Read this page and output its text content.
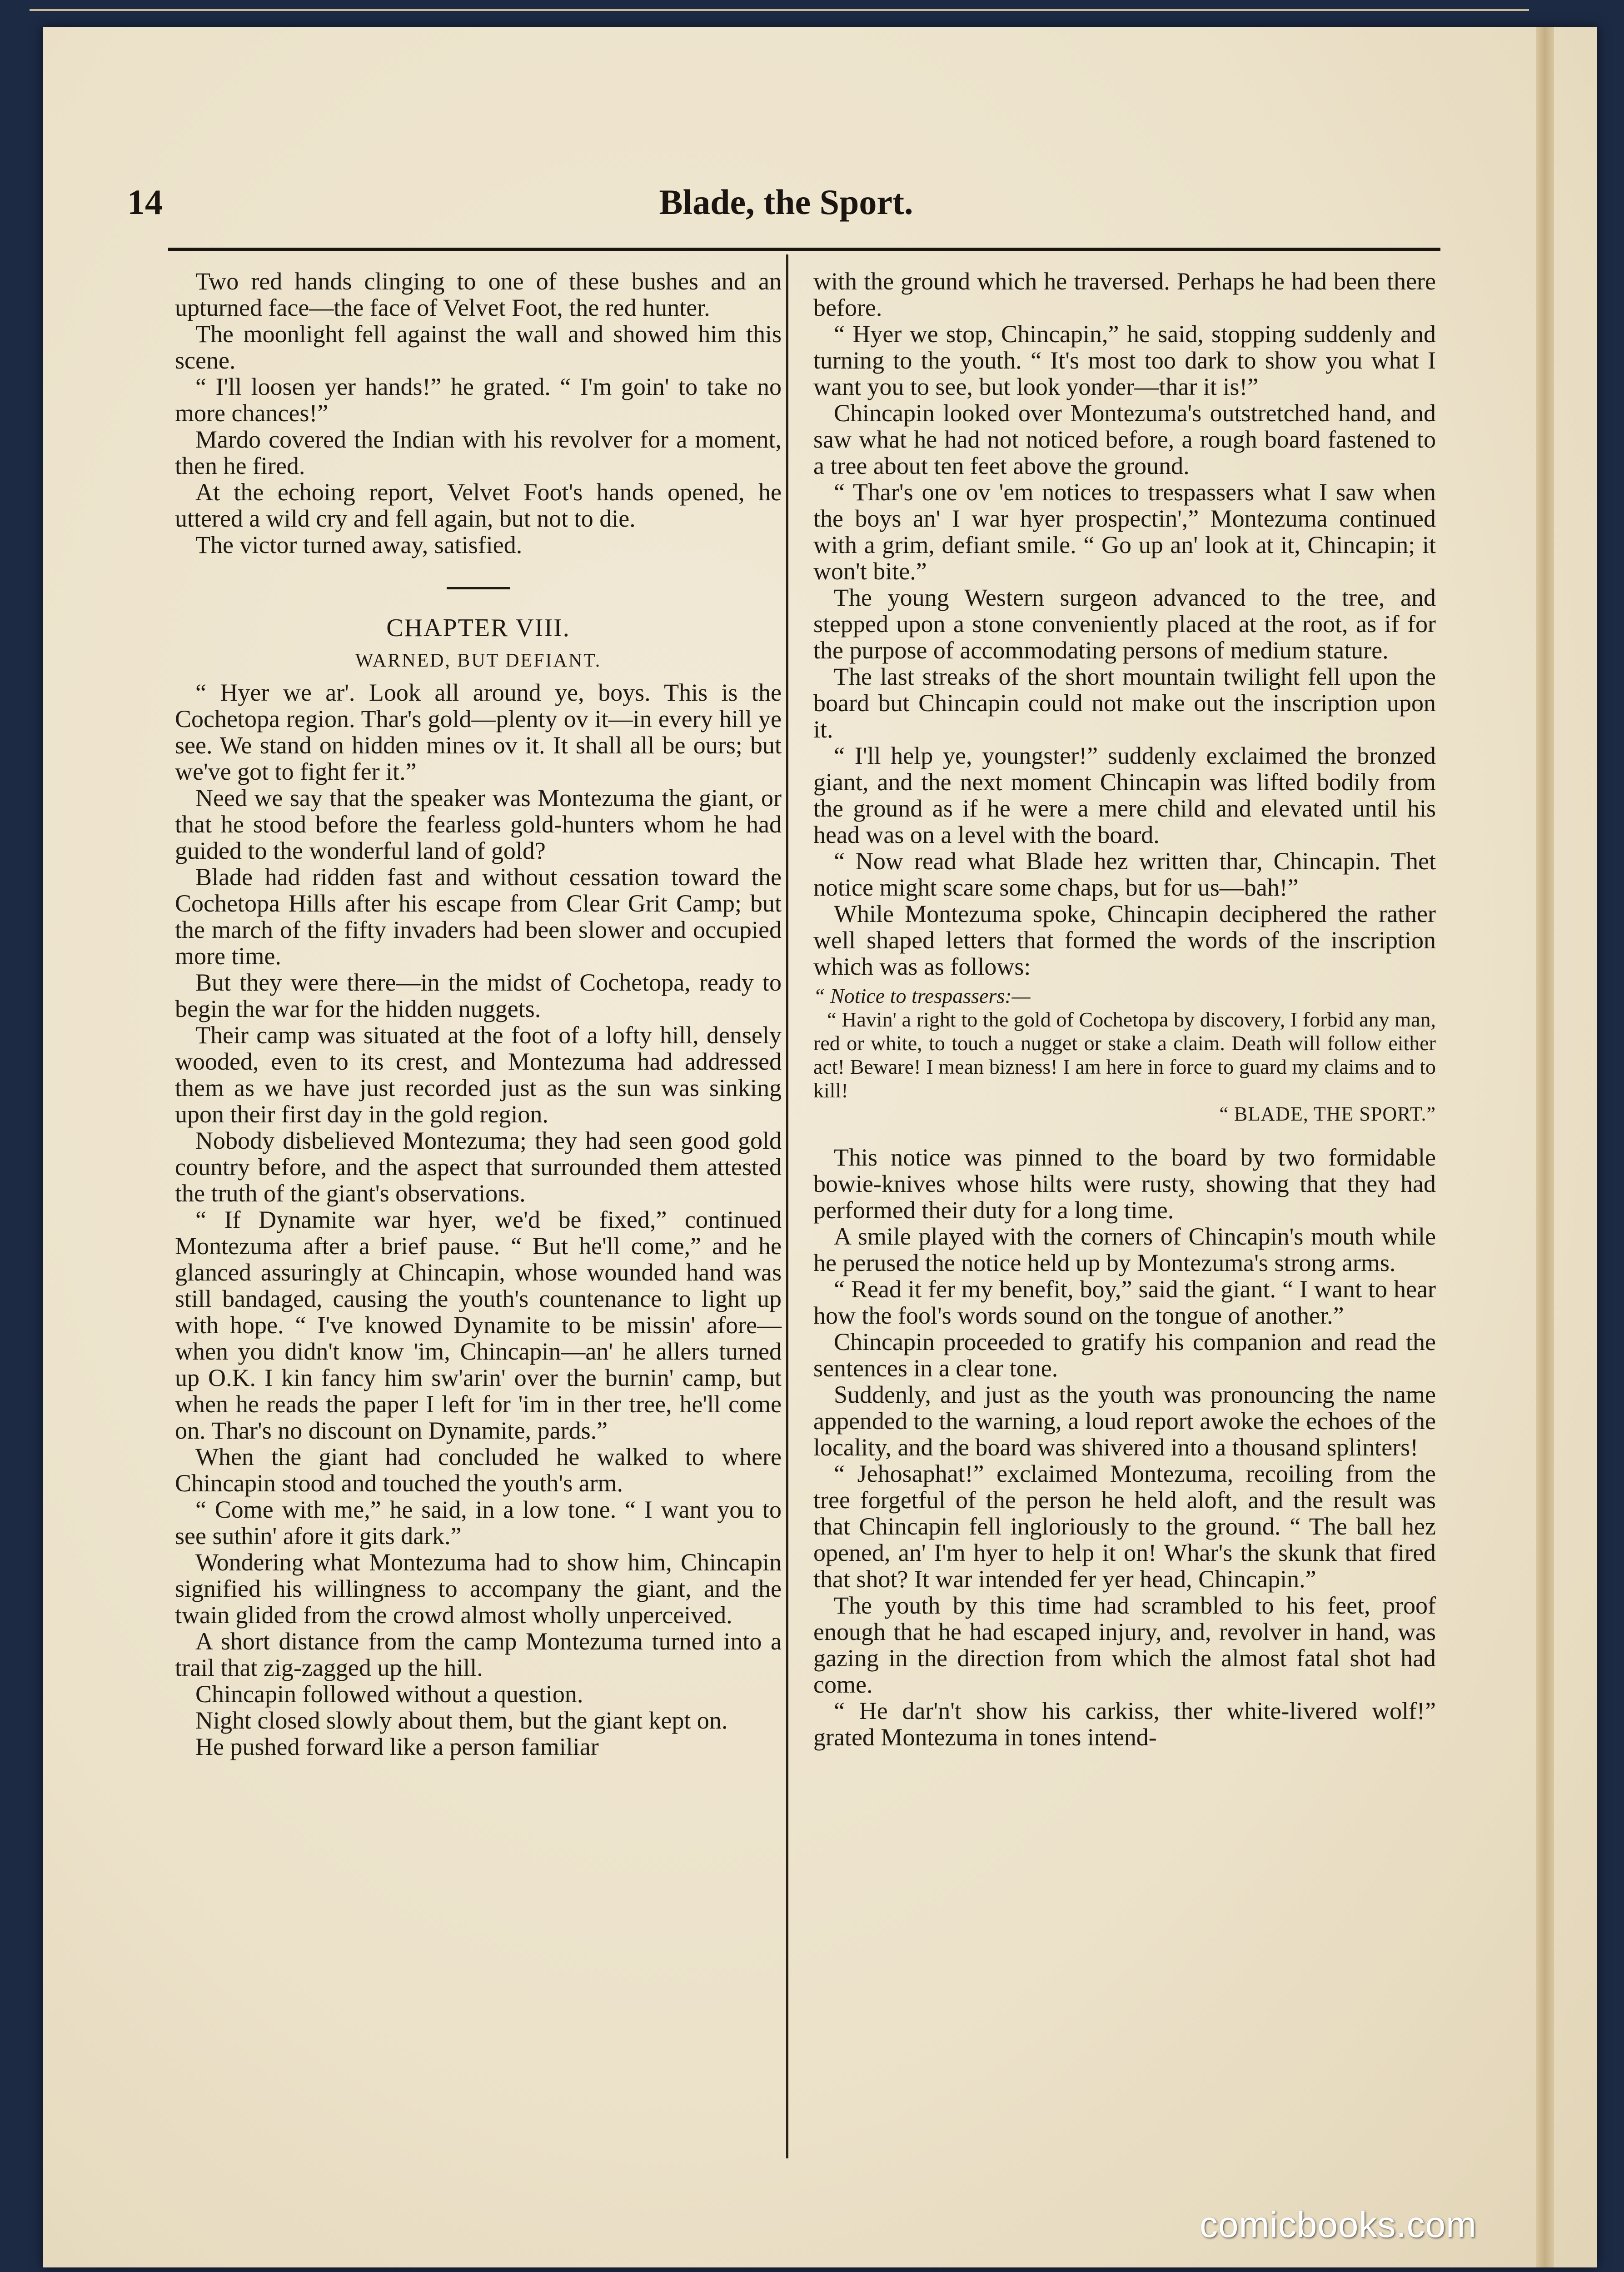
14	Blade, the Sport.

Two red hands clinging to one of these bushes and an upturned face—the face of Velvet Foot, the red hunter.

The moonlight fell against the wall and showed him this scene.

“ I'll loosen yer hands!” he grated. “ I'm goin' to take no more chances!”

Mardo covered the Indian with his revolver for a moment, then he fired.

At the echoing report, Velvet Foot's hands opened, he uttered a wild cry and fell again, but not to die.

The victor turned away, satisfied.

CHAPTER VIII.
WARNED, BUT DEFIANT.

“ Hyer we ar'. Look all around ye, boys. This is the Cochetopa region. Thar's gold—plenty ov it—in every hill ye see. We stand on hidden mines ov it. It shall all be ours; but we've got to fight fer it.”

Need we say that the speaker was Montezuma the giant, or that he stood before the fearless gold-hunters whom he had guided to the wonderful land of gold?

Blade had ridden fast and without cessation toward the Cochetopa Hills after his escape from Clear Grit Camp; but the march of the fifty invaders had been slower and occupied more time.

But they were there—in the midst of Cochetopa, ready to begin the war for the hidden nuggets.

Their camp was situated at the foot of a lofty hill, densely wooded, even to its crest, and Montezuma had addressed them as we have just recorded just as the sun was sinking upon their first day in the gold region.

Nobody disbelieved Montezuma; they had seen good gold country before, and the aspect that surrounded them attested the truth of the giant's observations.

“ If Dynamite war hyer, we'd be fixed,” continued Montezuma after a brief pause. “ But he'll come,” and he glanced assuringly at Chincapin, whose wounded hand was still bandaged, causing the youth's countenance to light up with hope. “ I've knowed Dynamite to be missin' afore—when you didn't know 'im, Chincapin—an' he allers turned up O.K. I kin fancy him sw'arin' over the burnin' camp, but when he reads the paper I left for 'im in ther tree, he'll come on. Thar's no discount on Dynamite, pards.”

When the giant had concluded he walked to where Chincapin stood and touched the youth's arm.

“ Come with me,” he said, in a low tone. “ I want you to see suthin' afore it gits dark.”

Wondering what Montezuma had to show him, Chincapin signified his willingness to accompany the giant, and the twain glided from the crowd almost wholly unperceived.

A short distance from the camp Montezuma turned into a trail that zig-zagged up the hill.

Chincapin followed without a question.

Night closed slowly about them, but the giant kept on.

He pushed forward like a person familiar

with the ground which he traversed. Perhaps he had been there before.

“ Hyer we stop, Chincapin,” he said, stopping suddenly and turning to the youth. “ It's most too dark to show you what I want you to see, but look yonder—thar it is!”

Chincapin looked over Montezuma's outstretched hand, and saw what he had not noticed before, a rough board fastened to a tree about ten feet above the ground.

“ Thar's one ov 'em notices to trespassers what I saw when the boys an' I war hyer prospectin',” Montezuma continued with a grim, defiant smile. “ Go up an' look at it, Chincapin; it won't bite.”

The young Western surgeon advanced to the tree, and stepped upon a stone conveniently placed at the root, as if for the purpose of accommodating persons of medium stature.

The last streaks of the short mountain twilight fell upon the board but Chincapin could not make out the inscription upon it.

“ I'll help ye, youngster!” suddenly exclaimed the bronzed giant, and the next moment Chincapin was lifted bodily from the ground as if he were a mere child and elevated until his head was on a level with the board.

“ Now read what Blade hez written thar, Chincapin. Thet notice might scare some chaps, but for us—bah!”

While Montezuma spoke, Chincapin deciphered the rather well shaped letters that formed the words of the inscription which was as follows:

“ Notice to trespassers:—

“ Havin' a right to the gold of Cochetopa by discovery, I forbid any man, red or white, to touch a nugget or stake a claim. Death will follow either act! Beware! I mean bizness! I am here in force to guard my claims and to kill!

“ BLADE, THE SPORT.”

This notice was pinned to the board by two formidable bowie-knives whose hilts were rusty, showing that they had performed their duty for a long time.

A smile played with the corners of Chincapin's mouth while he perused the notice held up by Montezuma's strong arms.

“ Read it fer my benefit, boy,” said the giant. “ I want to hear how the fool's words sound on the tongue of another.”

Chincapin proceeded to gratify his companion and read the sentences in a clear tone.

Suddenly, and just as the youth was pronouncing the name appended to the warning, a loud report awoke the echoes of the locality, and the board was shivered into a thousand splinters!

“ Jehosaphat!” exclaimed Montezuma, recoiling from the tree forgetful of the person he held aloft, and the result was that Chincapin fell ingloriously to the ground. “ The ball hez opened, an' I'm hyer to help it on! Whar's the skunk that fired that shot? It war intended fer yer head, Chincapin.”

The youth by this time had scrambled to his feet, proof enough that he had escaped injury, and, revolver in hand, was gazing in the direction from which the almost fatal shot had come.

“ He dar'n't show his carkiss, ther white-livered wolf!” grated Montezuma in tones intend-

comicbooks.com
